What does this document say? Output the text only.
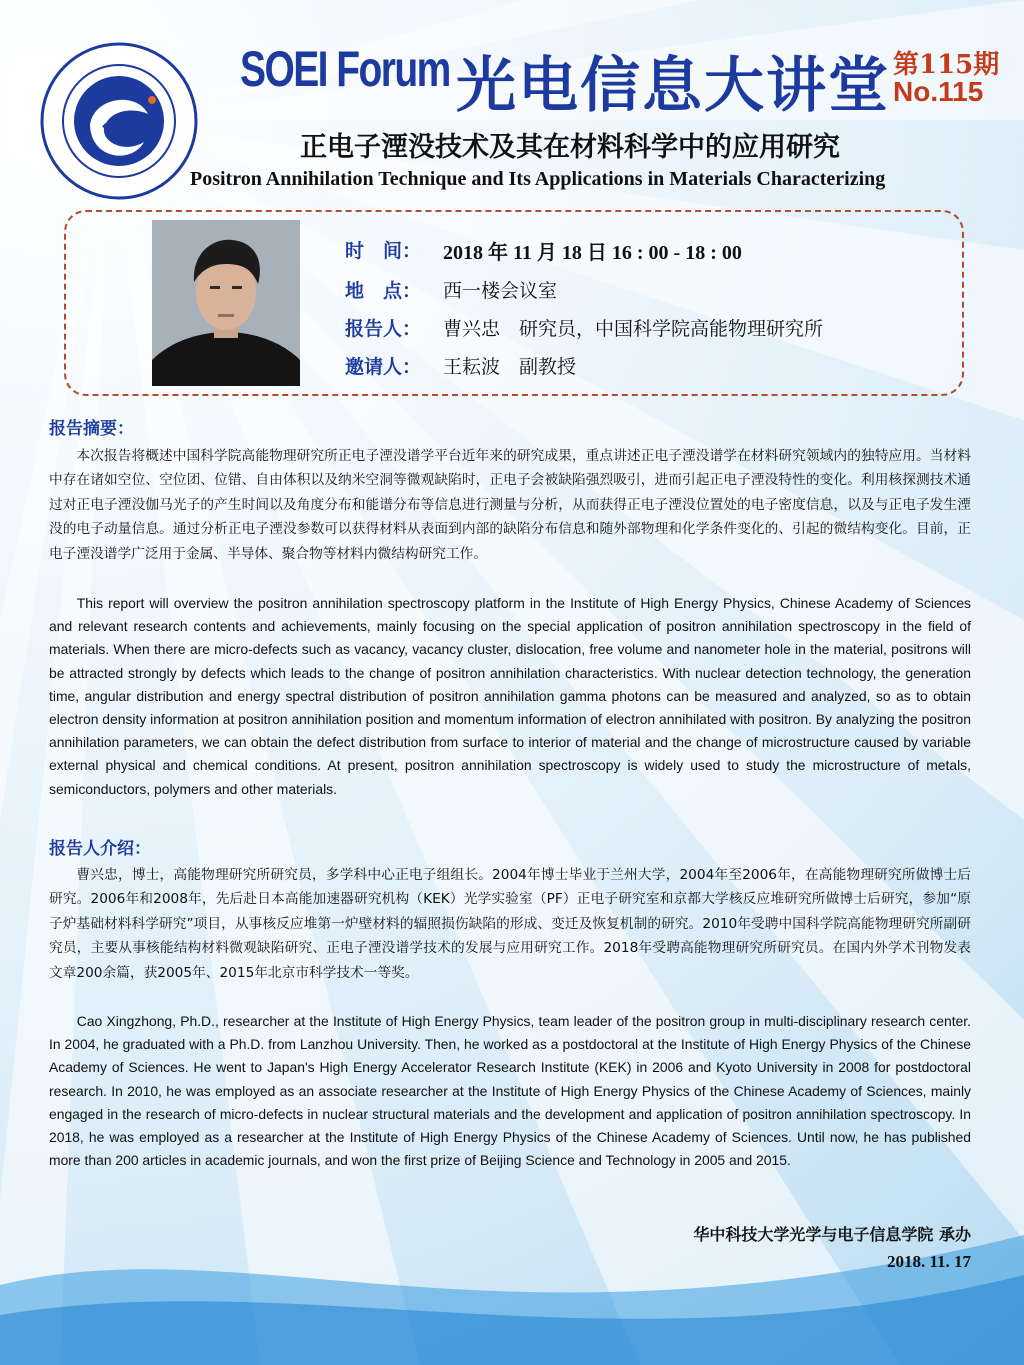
SOEI Forum 光电信息大讲堂 第115期
No.115
正电子湮没技术及其在材料科学中的应用研究
Positron Annihilation Technique and Its Applications in Materials Characterizing
时　间：	2018 年 11 月 18 日 16 : 00 - 18 : 00
地　点：	西一楼会议室
报告人：	曹兴忠　研究员，中国科学院高能物理研究所
邀请人：	王耘波　副教授
报告摘要：

本次报告将概述中国科学院高能物理研究所正电子湮没谱学平台近年来的研究成果，重点讲述正电子湮没谱学在材料研究领域内的独特应用。当材料中存在诸如空位、空位团、位错、自由体积以及纳米空洞等微观缺陷时，正电子会被缺陷强烈吸引，进而引起正电子湮没特性的变化。利用核探测技术通过对正电子湮没伽马光子的产生时间以及角度分布和能谱分布等信息进行测量与分析，从而获得正电子湮没位置处的电子密度信息，以及与正电子发生湮没的电子动量信息。通过分析正电子湮没参数可以获得材料从表面到内部的缺陷分布信息和随外部物理和化学条件变化的、引起的微结构变化。目前，正电子湮没谱学广泛用于金属、半导体、聚合物等材料内微结构研究工作。

This report will overview the positron annihilation spectroscopy platform in the Institute of High Energy Physics, Chinese Academy of Sciences and relevant research contents and achievements, mainly focusing on the special application of positron annihilation spectroscopy in the field of materials. When there are micro-defects such as vacancy, vacancy cluster, dislocation, free volume and nanometer hole in the material, positrons will be attracted strongly by defects which leads to the change of positron annihilation characteristics. With nuclear detection technology, the generation time, angular distribution and energy spectral distribution of positron annihilation gamma photons can be measured and analyzed, so as to obtain electron density information at positron annihilation position and momentum information of electron annihilated with positron. By analyzing the positron annihilation parameters, we can obtain the defect distribution from surface to interior of material and the change of microstructure caused by variable external physical and chemical conditions. At present, positron annihilation spectroscopy is widely used to study the microstructure of metals, semiconductors, polymers and other materials.

报告人介绍：

曹兴忠，博士，高能物理研究所研究员，多学科中心正电子组组长。2004年博士毕业于兰州大学，2004年至2006年，在高能物理研究所做博士后研究。2006年和2008年，先后赴日本高能加速器研究机构（KEK）光学实验室（PF）正电子研究室和京都大学核反应堆研究所做博士后研究，参加“原子炉基础材料科学研究”项目，从事核反应堆第一炉壁材料的辐照损伤缺陷的形成、变迁及恢复机制的研究。2010年受聘中国科学院高能物理研究所副研究员，主要从事核能结构材料微观缺陷研究、正电子湮没谱学技术的发展与应用研究工作。2018年受聘高能物理研究所研究员。在国内外学术刊物发表文章200余篇，获2005年、2015年北京市科学技术一等奖。

Cao Xingzhong, Ph.D., researcher at the Institute of High Energy Physics, team leader of the positron group in multi-disciplinary research center. In 2004, he graduated with a Ph.D. from Lanzhou University. Then, he worked as a postdoctoral at the Institute of High Energy Physics of the Chinese Academy of Sciences. He went to Japan's High Energy Accelerator Research Institute (KEK) in 2006 and Kyoto University in 2008 for postdoctoral research. In 2010, he was employed as an associate researcher at the Institute of High Energy Physics of the Chinese Academy of Sciences, mainly engaged in the research of micro-defects in nuclear structural materials and the development and application of positron annihilation spectroscopy. In 2018, he was employed as a researcher at the Institute of High Energy Physics of the Chinese Academy of Sciences. Until now, he has published more than 200 articles in academic journals, and won the first prize of Beijing Science and Technology in 2005 and 2015.

华中科技大学光学与电子信息学院 承办
2018. 11. 17
